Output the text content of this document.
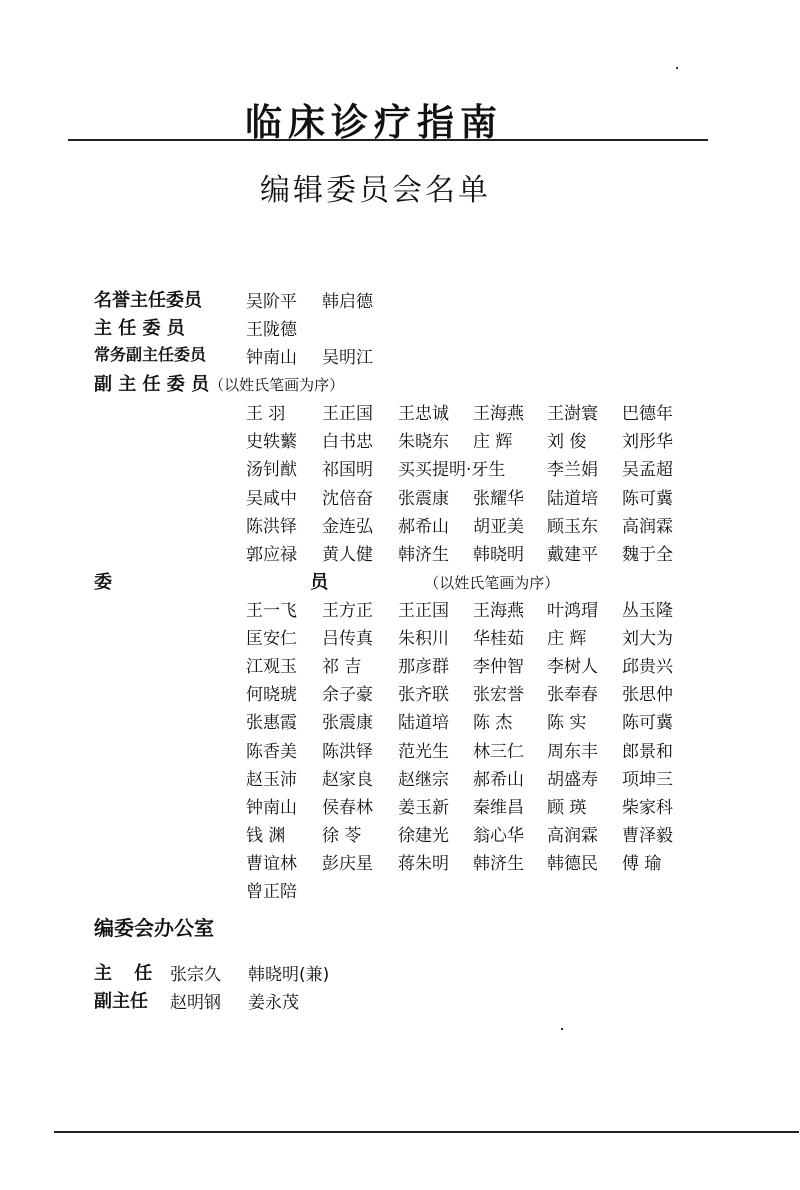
临床诊疗指南
编辑委员会名单
名誉主任委员	吴阶平 韩启德
主 任 委 员	王陇德
常务副主任委员 钟南山 吴明江
副 主 任 委 员（以姓氏笔画为序）
王 羽 王正国 王忠诚 王海燕 王澍寰 巴德年
史轶蘩 白书忠 朱晓东 庄 辉 刘 俊 刘彤华
汤钊猷 祁国明 买买提明·牙生 李兰娟 吴孟超
吴咸中 沈倍奋 张震康 张耀华 陆道培 陈可冀
陈洪铎 金连弘 郝希山 胡亚美 顾玉东 高润霖
郭应禄 黄人健 韩济生 韩晓明 戴建平 魏于全
委 员（以姓氏笔画为序）
王一飞 王方正 王正国 王海燕 叶鸿瑁 丛玉隆
匡安仁 吕传真 朱积川 华桂茹 庄 辉 刘大为
江观玉 祁 吉 那彦群 李仲智 李树人 邱贵兴
何晓琥 余子豪 张齐联 张宏誉 张奉春 张思仲
张惠霞 张震康 陆道培 陈 杰 陈 实 陈可冀
陈香美 陈洪铎 范光生 林三仁 周东丰 郎景和
赵玉沛 赵家良 赵继宗 郝希山 胡盛寿 项坤三
钟南山 侯春林 姜玉新 秦维昌 顾 瑛 柴家科
钱 渊 徐 苓 徐建光 翁心华 高润霖 曹泽毅
曹谊林 彭庆星 蒋朱明 韩济生 韩德民 傅 瑜
曾正陪
编委会办公室
主 任 张宗久 韩晓明(兼)
副主任 赵明钢 姜永茂
